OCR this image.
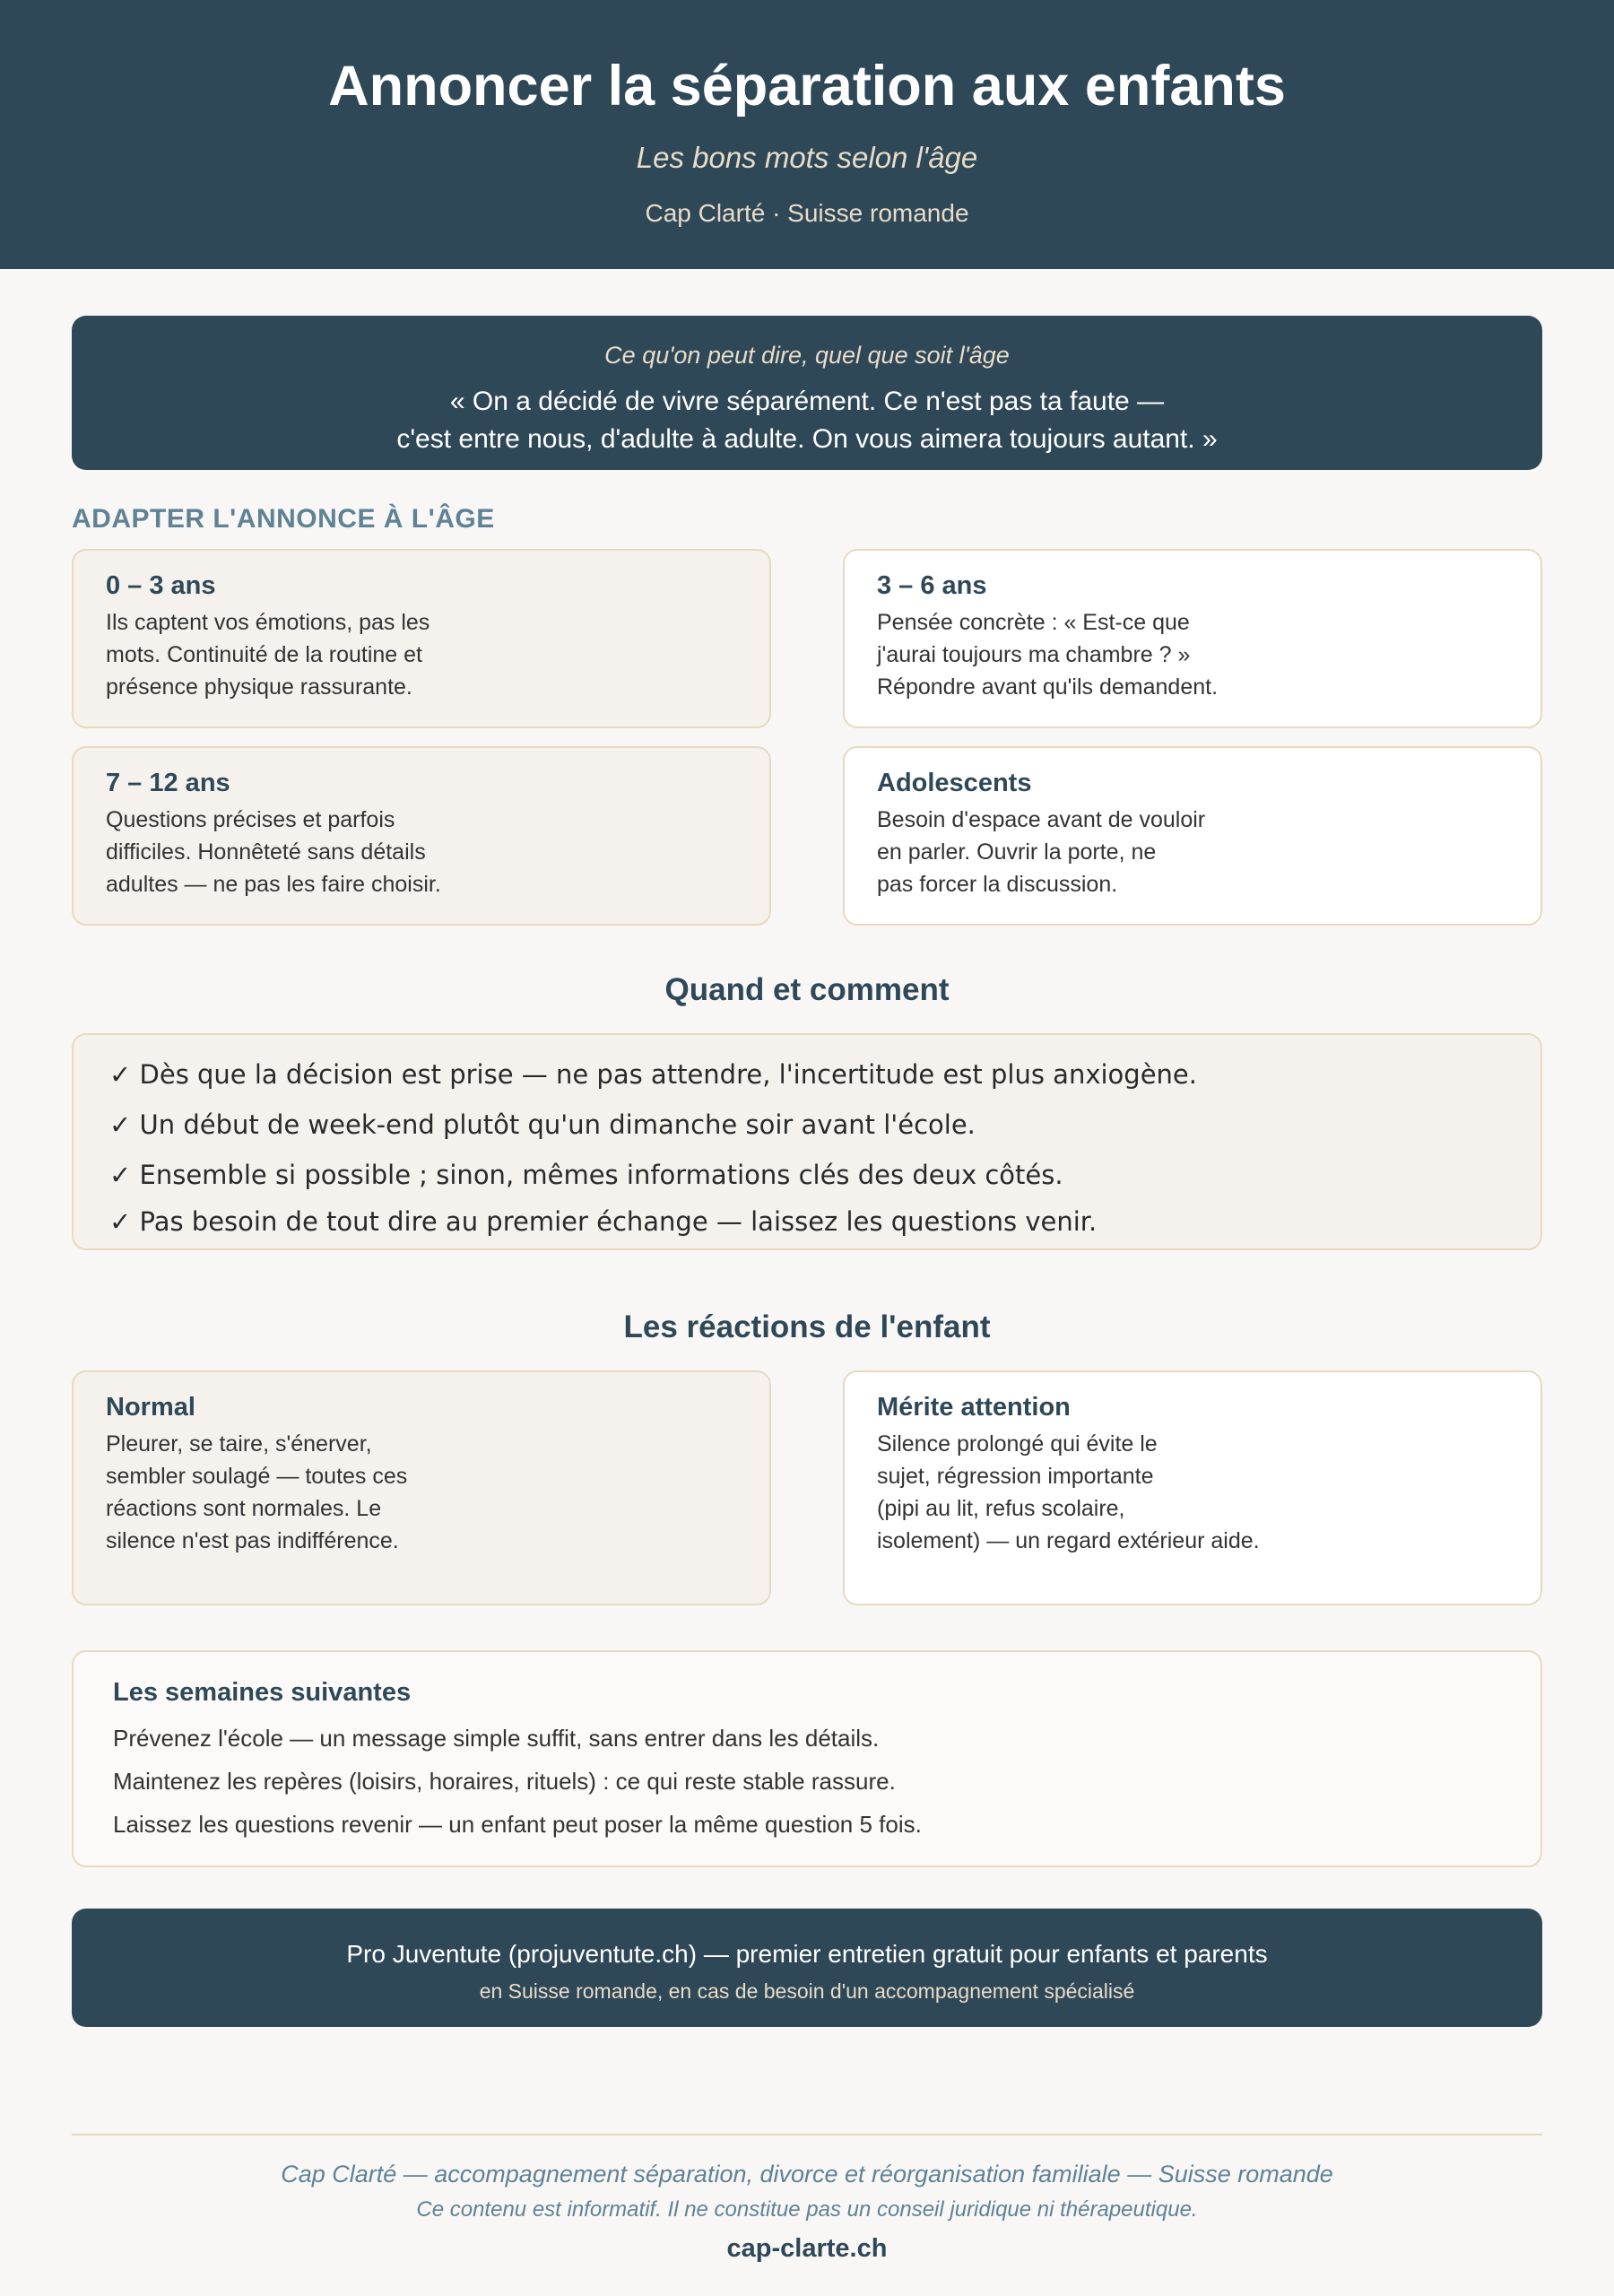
Annoncer la séparation aux enfants
Les bons mots selon l'âge
Cap Clarté · Suisse romande
Ce qu'on peut dire, quel que soit l'âge
« On a décidé de vivre séparément. Ce n'est pas ta faute —
c'est entre nous, d'adulte à adulte. On vous aimera toujours autant. »
ADAPTER L'ANNONCE À L'ÂGE
0 – 3 ans
Ils captent vos émotions, pas les
mots. Continuité de la routine et
présence physique rassurante.
3 – 6 ans
Pensée concrète : « Est-ce que
j'aurai toujours ma chambre ? »
Répondre avant qu'ils demandent.
7 – 12 ans
Questions précises et parfois
difficiles. Honnêteté sans détails
adultes — ne pas les faire choisir.
Adolescents
Besoin d'espace avant de vouloir
en parler. Ouvrir la porte, ne
pas forcer la discussion.
Quand et comment
✓ Dès que la décision est prise — ne pas attendre, l'incertitude est plus anxiogène.
✓ Un début de week-end plutôt qu'un dimanche soir avant l'école.
✓ Ensemble si possible ; sinon, mêmes informations clés des deux côtés.
✓ Pas besoin de tout dire au premier échange — laissez les questions venir.
Les réactions de l'enfant
Normal
Pleurer, se taire, s'énerver,
sembler soulagé — toutes ces
réactions sont normales. Le
silence n'est pas indifférence.
Mérite attention
Silence prolongé qui évite le
sujet, régression importante
(pipi au lit, refus scolaire,
isolement) — un regard extérieur aide.
Les semaines suivantes
Prévenez l'école — un message simple suffit, sans entrer dans les détails.
Maintenez les repères (loisirs, horaires, rituels) : ce qui reste stable rassure.
Laissez les questions revenir — un enfant peut poser la même question 5 fois.
Pro Juventute (projuventute.ch) — premier entretien gratuit pour enfants et parents
en Suisse romande, en cas de besoin d'un accompagnement spécialisé
Cap Clarté — accompagnement séparation, divorce et réorganisation familiale — Suisse romande
Ce contenu est informatif. Il ne constitue pas un conseil juridique ni thérapeutique.
cap-clarte.ch
